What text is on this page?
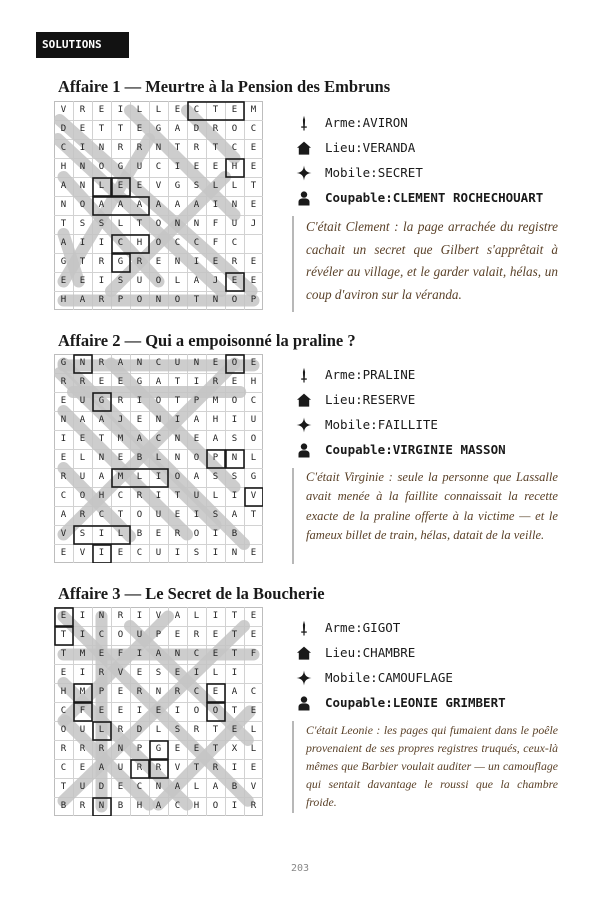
SOLUTIONS
Affaire 1 — Meurtre à la Pension des Embruns
V	R	E	I	L	L	E	C	T	E	M
D	E	T	T	E	G	A	D	R	O	C
C	I	N	R	R	N	T	R	T	C	E
H	N	O	G	U	C	I	E	E	H	E
A	N	L	E	E	V	G	S	L	L	T
N	O	A	A	A	A	A	A	I	N	E
T	S	S	L	T	O	N	N	F	U	J
A	I	I	C	H	O	C	C	F	C
G	T	R	G	R	E	N	I	E	R	E
E	E	I	S	U	O	L	A	J	E	E
H	A	R	P	O	N	O	T	N	O	P
Arme: AVIRON
Lieu: VERANDA
Mobile: SECRET
Coupable: CLEMENT ROCHECHOUART
C'était Clement : la page arrachée du registre cachait un secret que Gilbert s'apprêtait à révéler au village, et le garder valait, hélas, un coup d'aviron sur la véranda.
Affaire 2 — Qui a empoisonné la praline ?
G	N	R	A	N	C	U	N	E	O	E
R	R	E	E	G	A	T	I	R	E	H
E	U	G	R	I	O	T	P	M	O	C
N	A	A	J	E	N	I	A	H	I	U
I	E	T	M	A	C	N	E	A	S	O
E	L	N	E	B	L	N	O	P	N	L
R	U	A	M	L	I	O	A	S	S	G
C	O	H	C	R	I	T	U	L	I	V
A	R	C	T	O	U	E	I	S	A	T
V	S	I	L	B	E	R	O	I	B
E	V	I	E	C	U	I	S	I	N	E
Arme: PRALINE
Lieu: RESERVE
Mobile: FAILLITE
Coupable: VIRGINIE MASSON
C'était Virginie : seule la personne que Lassalle avait menée à la faillite connaissait la recette exacte de la praline offerte à la victime — et le fameux billet de train, hélas, datait de la veille.
Affaire 3 — Le Secret de la Boucherie
E	I	N	R	I	V	A	L	I	T	E
T	I	C	O	U	P	E	R	E	T	E
T	M	E	F	I	A	N	C	E	T	F
E	I	R	V	E	S	E	I	L	I
H	M	P	E	R	N	R	C	E	A	C
C	F	E	E	I	E	I	O	O	T	E
O	U	L	R	D	L	S	R	T	E	L
R	R	R	N	P	G	E	E	T	X	L
C	E	A	U	R	R	V	T	R	I	E
T	U	D	E	C	N	A	L	A	B	V
B	R	N	B	H	A	C	H	O	I	R
Arme: GIGOT
Lieu: CHAMBRE
Mobile: CAMOUFLAGE
Coupable: LEONIE GRIMBERT
C'était Leonie : les pages qui fumaient dans le poêle provenaient de ses propres registres truqués, ceux-là mêmes que Barbier voulait auditer — un camouflage qui sentait davantage le roussi que la chambre froide.
203
